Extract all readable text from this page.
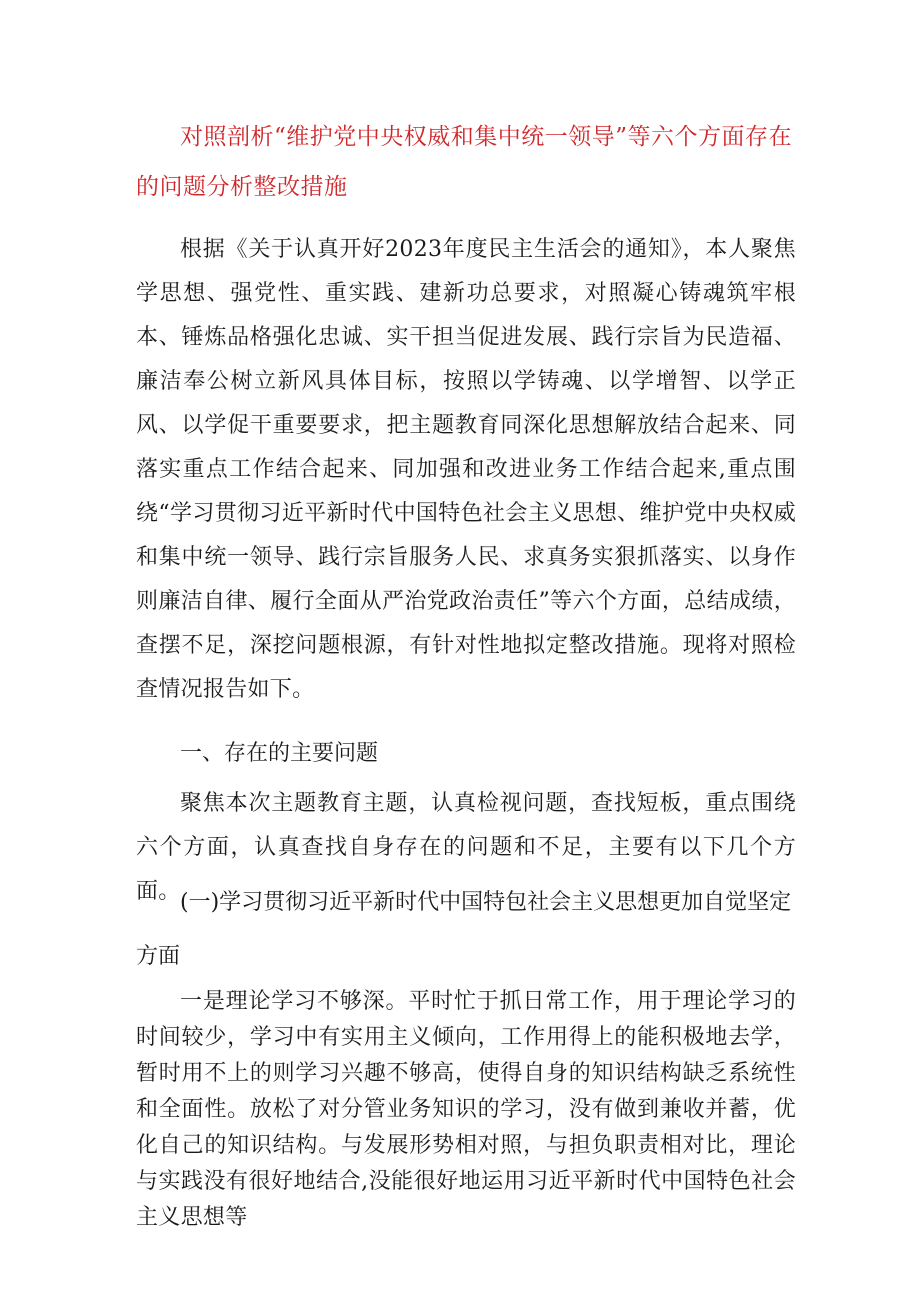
对照剖析“维护党中央权威和集中统一领导”等六个方面存在的问题分析整改措施
根据《关于认真开好2023年度民主生活会的通知》，本人聚焦学思想、强党性、重实践、建新功总要求，对照凝心铸魂筑牢根本、锤炼品格强化忠诚、实干担当促进发展、践行宗旨为民造福、廉洁奉公树立新风具体目标，按照以学铸魂、以学增智、以学正风、以学促干重要要求，把主题教育同深化思想解放结合起来、同落实重点工作结合起来、同加强和改进业务工作结合起来,重点围绕“学习贯彻习近平新时代中国特色社会主义思想、维护党中央权威和集中统一领导、践行宗旨服务人民、求真务实狠抓落实、以身作则廉洁自律、履行全面从严治党政治责任”等六个方面，总结成绩，查摆不足，深挖问题根源，有针对性地拟定整改措施。现将对照检查情况报告如下。
一、存在的主要问题
聚焦本次主题教育主题，认真检视问题，查找短板，重点围绕六个方面，认真查找自身存在的问题和不足，主要有以下几个方面。 (一)学习贯彻习近平新时代中国特包社会主义思想更加自觉坚定方面
一是理论学习不够深。平时忙于抓日常工作，用于理论学习的时间较少，学习中有实用主义倾向，工作用得上的能积极地去学，暂时用不上的则学习兴趣不够高，使得自身的知识结构缺乏系统性和全面性。放松了对分管业务知识的学习，没有做到兼收并蓄，优化自己的知识结构。与发展形势相对照，与担负职责相对比，理论与实践没有很好地结合,没能很好地运用习近平新时代中国特色社会主义思想等
